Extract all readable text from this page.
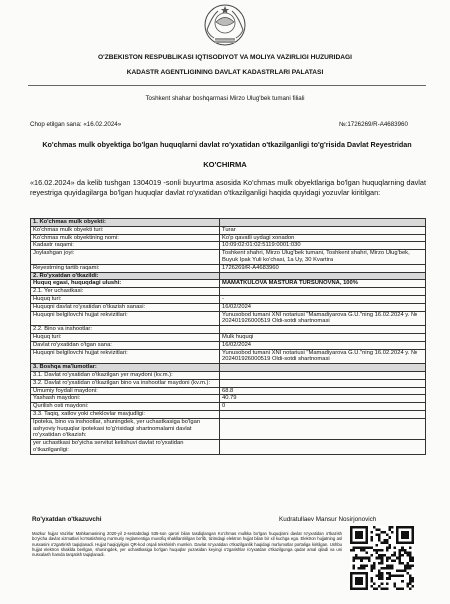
O'ZBEKISTON RESPUBLIKASI IQTISODIYOT VA MOLIYA VAZIRLIGI HUZURIDAGI
KADASTR AGENTLIGINING DAVLAT KADASTRLARI PALATASI
Toshkent shahar boshqarmasi Mirzo Ulug'bek tumani filiali
Chop etilgan sana: «16.02.2024»	№:1726269/R-A4683960
Ko'chmas mulk obyektiga bo'lgan huquqlarni davlat ro'yxatidan o'tkazilganligi to'g'risida Davlat Reyestridan
KO'CHIRMA
«16.02.2024» da kelib tushgan 1304019 -sonli buyurtma asosida Ko'chmas mulk obyektlariga bo'lgan huquqlarning davlat reyestriga quyidagilarga bo'lgan huquqlar davlat ro'yxatidan o'tkazilganligi haqida quyidagi yozuvlar kiritilgan:
1. Ko'chmas mulk obyekti:	
Ko'chmas mulk obyekti turi:	Turar
Ko'chmas mulk obyektining nomi:	Ko'p qavatli uydagi xonadon
Kadastr raqami:	10:09:02:01:02:5119:0001:030
Joylashgan joyi:	Toshkent shahri, Mirzo Ulug'bek tumani, Toshkent shahri, Mirzo Ulug'bek, Buyuk Ipak Yuli ko'chasi, 1a Uy, 30 Kvartira
Reyestrning tartib raqami:	1726269/R-A4683960
2. Ro'yxatdan o'tkazildi:	
Huquq egasi, huquqdagi ulushi:	MAMATKULOVA MASTURA TURSUNOVNA, 100%
2.1. Yer uchastkasi:	
Huquq turi:	-
Huquqni davlat ro'yxatidan o'tkazish sanasi:	16/02/2024
Huquqni belgilovchi hujjat rekvizitlari:	Yunusobod tumani XNI notariusi "Mamadiyarova G.U."ning 16.02.2024 y. № 202401926000519 Oldi-sotdi shartnomasi
2.2. Bino va inshootlar:	
Huquq turi:	Mulk huquqi
Davlat ro'yxatidan o'tgan sana:	16/02/2024
Huquqni belgilovchi hujjat rekvizitlari:	Yunusobod tumani XNI notariusi "Mamadiyarova G.U."ning 16.02.2024 y. № 202401926000519 Oldi-sotdi shartnomasi
3. Boshqa ma'lumotlar:	
3.1. Davlat ro'yxatidan o'tkazilgan yer maydoni (kv.m.):	
3.2. Davlat ro'yxatidan o'tkazilgan bino va inshootlar maydoni (kv.m.):	
Umumiy foydali maydoni:	68.8
Yashash maydoni:	40.79
Qurilish osti maydoni:	0
3.3. Taqiq, xatlov yoki cheklovlar mavjudligi:	
Ipoteka, bino va inshootlar, shuningdek, yer uchastkasiga bo'lgan ashyoviy huquqlar ipotekasi to'g'risidagi shartnomalarni davlat ro'yxatidan o'tkazish:	
yer uchastkasi bo'yicha servitut kelishuvi davlat ro'yxatidan o'tkazilganligi:	
Ro'yxatdan o'tkazuvchi	Kudratullaev Mansur Nosirjonovich
Mazkur hujjat Vazirlar Mahkamasining 2020-yil 2-sentabrdagi 535-son qarori bilan tasdiqlangan Ko'chmas mulkka bo'lgan huquqlarni davlat ro'yxatidan o'tkazish bo'yicha davlat xizmatlari ko'rsatishning ma'muriy reglamentiga muvofiq shakllantirilgan bo'lib, tizimdagi elektron hujjat bilan bir xil kuchga ega. Elektron hujjatning asl nusxasini o'zgartirish taqiqlanadi. Hujjat haqiqiyligini QR-kod orqali tekshirish mumkin. Davlat ro'yxatidan o'tkazilganlik haqidagi ma'lumotlar portaliga kiritilgan. Ushbu hujjat elektron shaklda berilgan, shuningdek, yer uchastkasiga bo'lgan huquqlar yuzasidan keyingi o'zgarishlar ro'yxatdan o'tkazilgunga qadar amal qiladi va uni nusxalash hamda tarqatish taqiqlanadi.
